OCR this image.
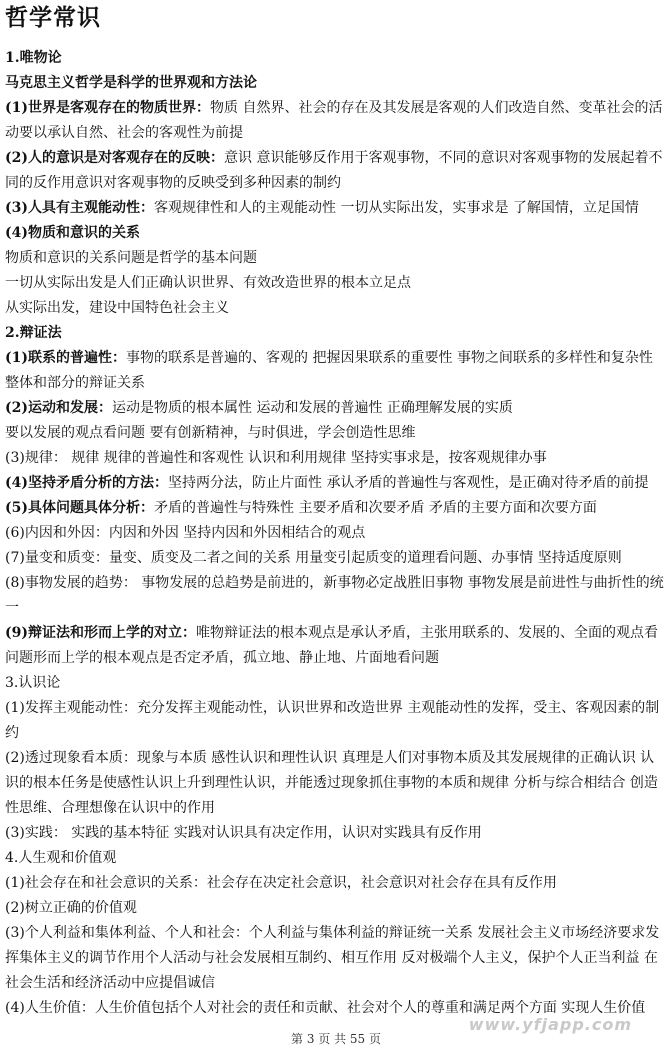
哲学常识
1.唯物论
马克思主义哲学是科学的世界观和方法论
(1)世界是客观存在的物质世界：物质 自然界、社会的存在及其发展是客观的人们改造自然、变革社会的活动要以承认自然、社会的客观性为前提
(2)人的意识是对客观存在的反映：意识 意识能够反作用于客观事物，不同的意识对客观事物的发展起着不同的反作用意识对客观事物的反映受到多种因素的制约
(3)人具有主观能动性：客观规律性和人的主观能动性 一切从实际出发，实事求是 了解国情，立足国情
(4)物质和意识的关系
物质和意识的关系问题是哲学的基本问题
一切从实际出发是人们正确认识世界、有效改造世界的根本立足点
从实际出发，建设中国特色社会主义
2.辩证法
(1)联系的普遍性：事物的联系是普遍的、客观的 把握因果联系的重要性 事物之间联系的多样性和复杂性 整体和部分的辩证关系
(2)运动和发展：运动是物质的根本属性 运动和发展的普遍性 正确理解发展的实质
要以发展的观点看问题 要有创新精神，与时俱进，学会创造性思维
(3)规律： 规律 规律的普遍性和客观性 认识和利用规律 坚持实事求是，按客观规律办事
(4)坚持矛盾分析的方法：坚持两分法，防止片面性 承认矛盾的普遍性与客观性，是正确对待矛盾的前提
(5)具体问题具体分析：矛盾的普遍性与特殊性 主要矛盾和次要矛盾 矛盾的主要方面和次要方面
(6)内因和外因：内因和外因 坚持内因和外因相结合的观点
(7)量变和质变：量变、质变及二者之间的关系 用量变引起质变的道理看问题、办事情 坚持适度原则
(8)事物发展的趋势： 事物发展的总趋势是前进的，新事物必定战胜旧事物 事物发展是前进性与曲折性的统一
(9)辩证法和形而上学的对立：唯物辩证法的根本观点是承认矛盾，主张用联系的、发展的、全面的观点看问题形而上学的根本观点是否定矛盾，孤立地、静止地、片面地看问题
3.认识论
(1)发挥主观能动性：充分发挥主观能动性，认识世界和改造世界 主观能动性的发挥，受主、客观因素的制约
(2)透过现象看本质：现象与本质 感性认识和理性认识 真理是人们对事物本质及其发展规律的正确认识 认识的根本任务是使感性认识上升到理性认识，并能透过现象抓住事物的本质和规律 分析与综合相结合 创造性思维、合理想像在认识中的作用
(3)实践： 实践的基本特征 实践对认识具有决定作用，认识对实践具有反作用
4.人生观和价值观
(1)社会存在和社会意识的关系：社会存在决定社会意识，社会意识对社会存在具有反作用
(2)树立正确的价值观
(3)个人利益和集体利益、个人和社会：个人利益与集体利益的辩证统一关系 发展社会主义市场经济要求发挥集体主义的调节作用个人活动与社会发展相互制约、相互作用 反对极端个人主义，保护个人正当利益 在社会生活和经济活动中应提倡诚信
(4)人生价值：人生价值包括个人对社会的责任和贡献、社会对个人的尊重和满足两个方面 实现人生价值
第 3 页 共 55 页
www.yfjapp.com
